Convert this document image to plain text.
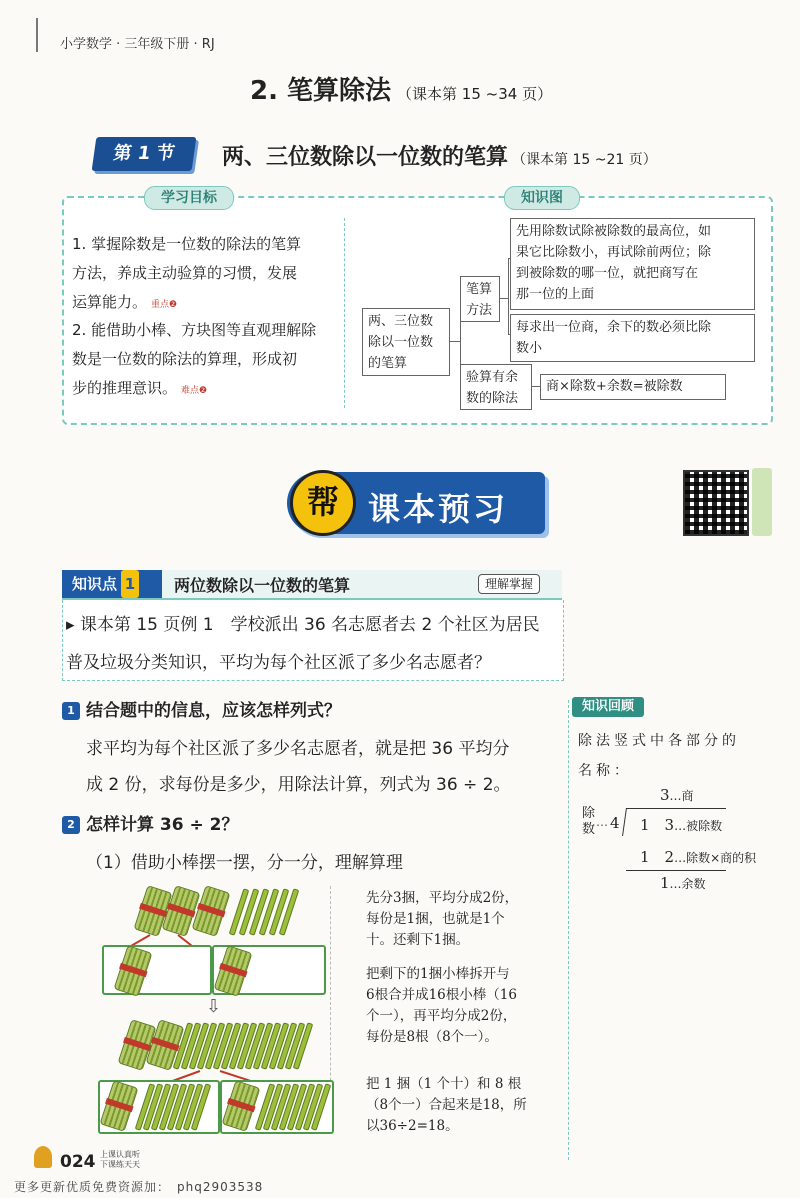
小学数学 · 三年级下册 · RJ
2. 笔算除法 （课本第 15 ~34 页）
第 1 节	两、三位数除以一位数的笔算 （课本第 15 ~21 页）
学习目标	知识图
1. 掌握除数是一位数的除法的笔算
方法，养成主动验算的习惯，发展
运算能力。 重点❷
2. 能借助小棒、方块图等直观理解除
数是一位数的除法的算理，形成初
步的推理意识。 难点❷
两、三位数
除以一位数
的笔算
笔算
方法
先用除数试除被除数的最高位，如
果它比除数小，再试除前两位；除
到被除数的哪一位，就把商写在
那一位的上面
每求出一位商，余下的数必须比除
数小
验算有余
数的除法
商×除数+余数=被除数
帮 课本预习
知识点 1	两位数除以一位数的笔算	理解掌握
▸ 课本第 15 页例 1　学校派出 36 名志愿者去 2 个社区为居民
普及垃圾分类知识，平均为每个社区派了多少名志愿者？
1 结合题中的信息，应该怎样列式？
求平均为每个社区派了多少名志愿者，就是把 36 平均分
成 2 份，求每份是多少，用除法计算，列式为 36 ÷ 2。
2 怎样计算 36 ÷ 2？
（1）借助小棒摆一摆，分一分，理解算理
知识回顾
除法竖式中各部分的
名称：
3…商
除
数 … 4 1　3…被除数
1　2…除数×商的积
1…余数
⇩
先分3捆，平均分成2份，
每份是1捆，也就是1个
十。还剩下1捆。
把剩下的1捆小棒拆开与
6根合并成16根小棒（16
个一），再平均分成2份，
每份是8根（8个一）。
把 1 捆（1 个十）和 8 根
（8个一）合起来是18，所
以36÷2=18。
024 上课认真听
下课练天天
更多更新优质免费资源加：　phq2903538
